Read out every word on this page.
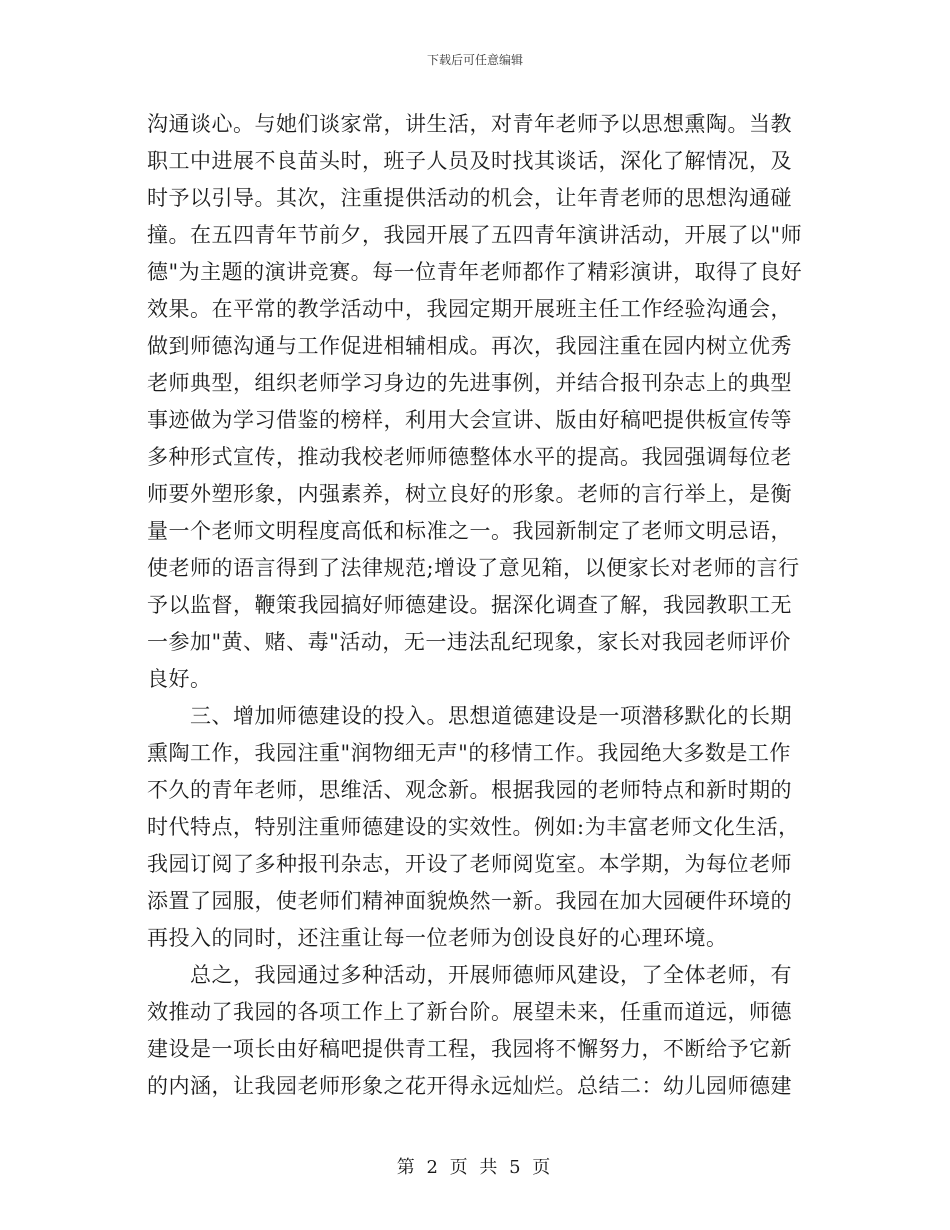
下载后可任意编辑
沟通谈心。与她们谈家常，讲生活，对青年老师予以思想熏陶。当教
职工中进展不良苗头时，班子人员及时找其谈话，深化了解情况，及
时予以引导。其次，注重提供活动的机会，让年青老师的思想沟通碰
撞。在五四青年节前夕，我园开展了五四青年演讲活动，开展了以"师
德"为主题的演讲竞赛。每一位青年老师都作了精彩演讲，取得了良好
效果。在平常的教学活动中，我园定期开展班主任工作经验沟通会，
做到师德沟通与工作促进相辅相成。再次，我园注重在园内树立优秀
老师典型，组织老师学习身边的先进事例，并结合报刊杂志上的典型
事迹做为学习借鉴的榜样，利用大会宣讲、版由好稿吧提供板宣传等
多种形式宣传，推动我校老师师德整体水平的提高。我园强调每位老
师要外塑形象，内强素养，树立良好的形象。老师的言行举上，是衡
量一个老师文明程度高低和标准之一。我园新制定了老师文明忌语，
使老师的语言得到了法律规范;增设了意见箱，以便家长对老师的言行
予以监督，鞭策我园搞好师德建设。据深化调查了解，我园教职工无
一参加"黄、赌、毒"活动，无一违法乱纪现象，家长对我园老师评价
良好。
　　三、增加师德建设的投入。思想道德建设是一项潜移默化的长期
熏陶工作，我园注重"润物细无声"的移情工作。我园绝大多数是工作
不久的青年老师，思维活、观念新。根据我园的老师特点和新时期的
时代特点，特别注重师德建设的实效性。例如:为丰富老师文化生活，
我园订阅了多种报刊杂志，开设了老师阅览室。本学期，为每位老师
添置了园服，使老师们精神面貌焕然一新。我园在加大园硬件环境的
再投入的同时，还注重让每一位老师为创设良好的心理环境。
　　总之，我园通过多种活动，开展师德师风建设，了全体老师，有
效推动了我园的各项工作上了新台阶。展望未来，任重而道远，师德
建设是一项长由好稿吧提供青工程，我园将不懈努力，不断给予它新
的内涵，让我园老师形象之花开得永远灿烂。总结二：幼儿园师德建
第 2 页 共 5 页
